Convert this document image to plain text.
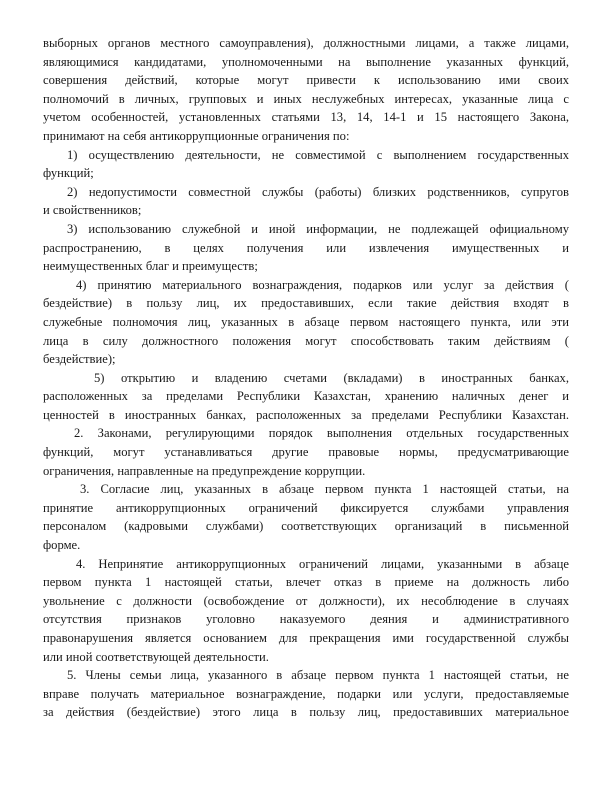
выборных органов местного самоуправления), должностными лицами, а также лицами,
являющимися кандидатами, уполномоченными на выполнение указанных функций,
совершения действий, которые могут привести к использованию ими своих
полномочий в личных, групповых и иных неслужебных интересах, указанные лица с
учетом особенностей, установленных статьями 13, 14, 14-1 и 15 настоящего Закона,
принимают на себя антикоррупционные ограничения по:
1) осуществлению деятельности, не совместимой с выполнением государственных
функций;
2) недопустимости совместной службы (работы) близких родственников, супругов
и свойственников;
3) использованию служебной и иной информации, не подлежащей официальному
распространению, в целях получения или извлечения имущественных и
неимущественных благ и преимуществ;
4) принятию материального вознаграждения, подарков или услуг за действия (
бездействие) в пользу лиц, их предоставивших, если такие действия входят в
служебные полномочия лиц, указанных в абзаце первом настоящего пункта, или эти
лица в силу должностного положения могут способствовать таким действиям (
бездействие);
5) открытию и владению счетами (вкладами) в иностранных банках,
расположенных за пределами Республики Казахстан, хранению наличных денег и
ценностей в иностранных банках, расположенных за пределами Республики Казахстан.
2. Законами, регулирующими порядок выполнения отдельных государственных
функций, могут устанавливаться другие правовые нормы, предусматривающие
ограничения, направленные на предупреждение коррупции.
3. Согласие лиц, указанных в абзаце первом пункта 1 настоящей статьи, на
принятие антикоррупционных ограничений фиксируется службами управления
персоналом (кадровыми службами) соответствующих организаций в письменной
форме.
4. Непринятие антикоррупционных ограничений лицами, указанными в абзаце
первом пункта 1 настоящей статьи, влечет отказ в приеме на должность либо
увольнение с должности (освобождение от должности), их несоблюдение в случаях
отсутствия признаков уголовно наказуемого деяния и административного
правонарушения является основанием для прекращения ими государственной службы
или иной соответствующей деятельности.
5. Члены семьи лица, указанного в абзаце первом пункта 1 настоящей статьи, не
вправе получать материальное вознаграждение, подарки или услуги, предоставляемые
за действия (бездействие) этого лица в пользу лиц, предоставивших материальное
